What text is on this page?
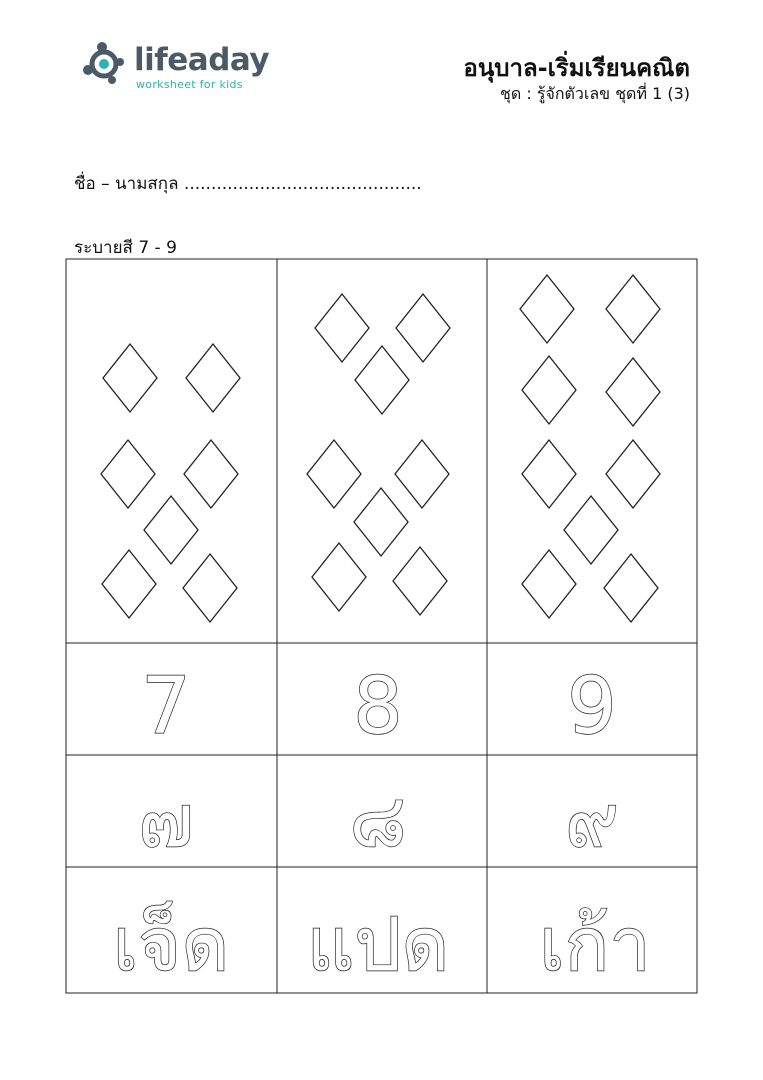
lifeaday
worksheet for kids
อนุบาล-เริ่มเรียนคณิต
ชุด : รู้จักตัวเลข ชุดที่ 1 (3)
ชื่อ – นามสกุล ............................................
ระบายสี 7 - 9
7
๗
เจ็ด
8
๘
แปด
9
๙
เก้า
